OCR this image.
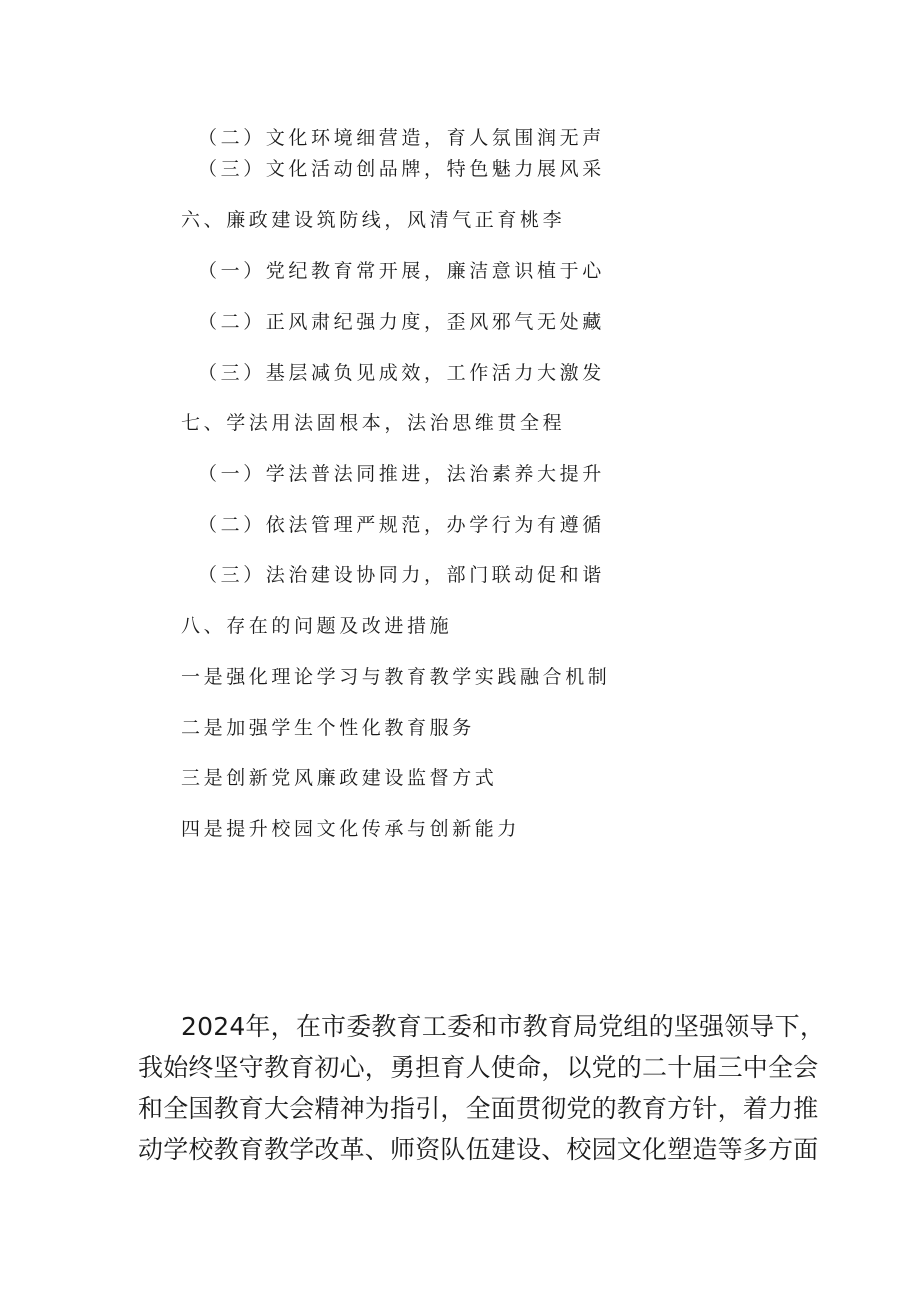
（二）文化环境细营造，育人氛围润无声
（三）文化活动创品牌，特色魅力展风采
六、廉政建设筑防线，风清气正育桃李
（一）党纪教育常开展，廉洁意识植于心
（二）正风肃纪强力度，歪风邪气无处藏
（三）基层减负见成效，工作活力大激发
七、学法用法固根本，法治思维贯全程
（一）学法普法同推进，法治素养大提升
（二）依法管理严规范，办学行为有遵循
（三）法治建设协同力，部门联动促和谐
八、存在的问题及改进措施
一是强化理论学习与教育教学实践融合机制
二是加强学生个性化教育服务
三是创新党风廉政建设监督方式
四是提升校园文化传承与创新能力
2024年，在市委教育工委和市教育局党组的坚强领导下，
我始终坚守教育初心，勇担育人使命，以党的二十届三中全会
和全国教育大会精神为指引，全面贯彻党的教育方针，着力推
动学校教育教学改革、师资队伍建设、校园文化塑造等多方面
